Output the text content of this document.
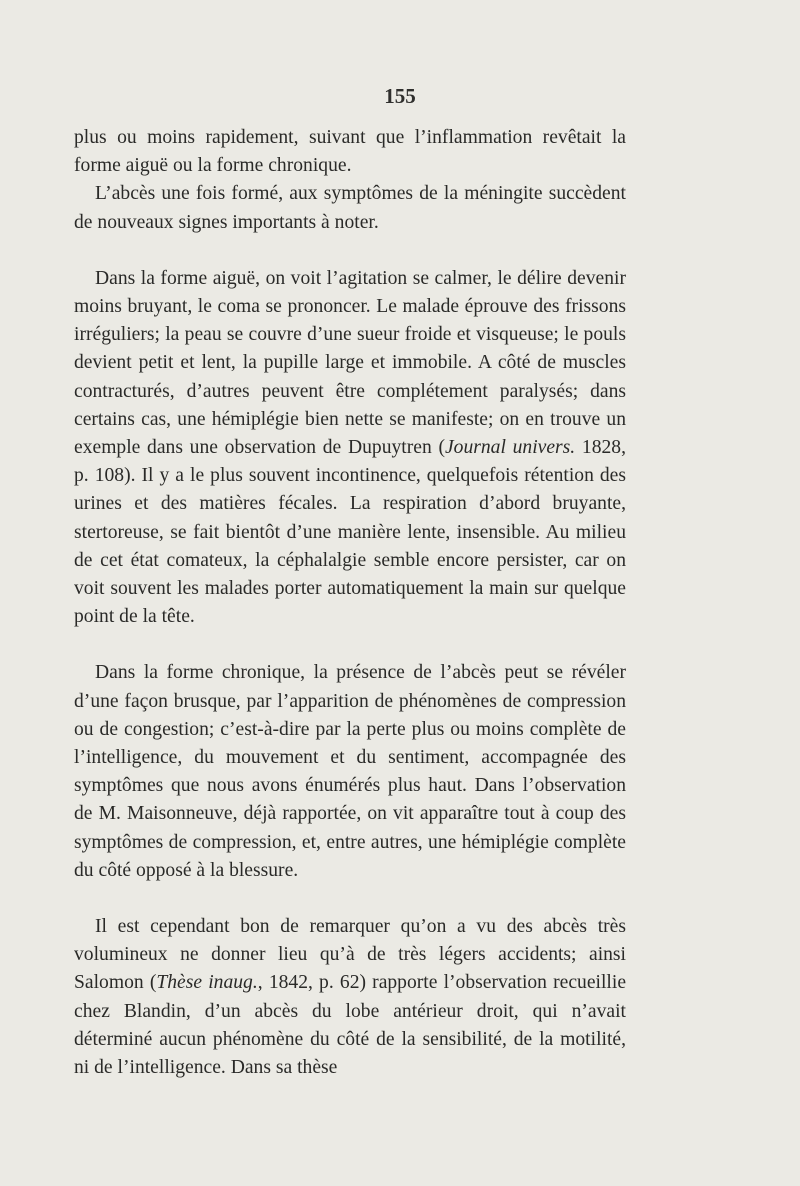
155

plus ou moins rapidement, suivant que l’inflammation revêtait la forme aiguë ou la forme chronique.

L’abcès une fois formé, aux symptômes de la méningite succèdent de nouveaux signes importants à noter.

Dans la forme aiguë, on voit l’agitation se calmer, le délire devenir moins bruyant, le coma se prononcer. Le malade éprouve des frissons irréguliers; la peau se couvre d’une sueur froide et visqueuse; le pouls devient petit et lent, la pupille large et immobile. A côté de muscles contracturés, d’autres peuvent être complétement paralysés; dans certains cas, une hémiplégie bien nette se manifeste; on en trouve un exemple dans une observation de Dupuytren (Journal univers. 1828, p. 108). Il y a le plus souvent incontinence, quelquefois rétention des urines et des matières fécales. La respiration d’abord bruyante, stertoreuse, se fait bientôt d’une manière lente, insensible. Au milieu de cet état comateux, la céphalalgie semble encore persister, car on voit souvent les malades porter automatiquement la main sur quelque point de la tête.

Dans la forme chronique, la présence de l’abcès peut se révéler d’une façon brusque, par l’apparition de phénomènes de compression ou de congestion; c’est-à-dire par la perte plus ou moins complète de l’intelligence, du mouvement et du sentiment, accompagnée des symptômes que nous avons énumérés plus haut. Dans l’observation de M. Maisonneuve, déjà rapportée, on vit apparaître tout à coup des symptômes de compression, et, entre autres, une hémiplégie complète du côté opposé à la blessure.

Il est cependant bon de remarquer qu’on a vu des abcès très volumineux ne donner lieu qu’à de très légers accidents; ainsi Salomon (Thèse inaug., 1842, p. 62) rapporte l’observation recueillie chez Blandin, d’un abcès du lobe antérieur droit, qui n’avait déterminé aucun phénomène du côté de la sensibilité, de la motilité, ni de l’intelligence. Dans sa thèse
